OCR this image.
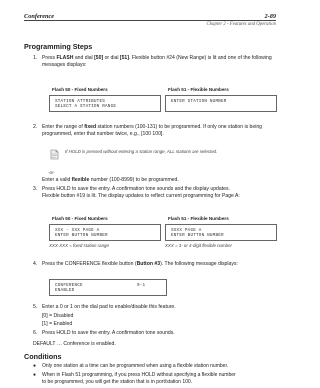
Conference	2-89
Chapter 2 - Features and Operation
Programming Steps
1. Press FLASH and dial [50] or dial [51]. Flexible button #24 (New Range) is lit and one of the following messages displays:
Flash 50 - Fixed Numbers	Flash 51 - Flexible Numbers
STATION ATTRIBUTES
SELECT A STATION RANGE
ENTER STATION NUMBER
2. Enter the range of fixed station numbers (100-131) to be programmed. If only one station is being programmed, enter that number twice, e.g., [100 100].
If HOLD is pressed without entering a station range, ALL stations are selected.
-or-
Enter a valid flexible number (100-8999) to be programmed.
3. Press HOLD to save the entry. A confirmation tone sounds and the display updates.
Flexible button #19 is lit. The display updates to reflect current programming for Page A:
Flash 50 - Fixed Numbers	Flash 51 - Flexible Numbers
XXX - XXX PAGE A
ENTER BUTTON NUMBER
SXXX PAGE A
ENTER BUTTON NUMBER
XXX-XXX = fixed station range	XXX = 3- or 4-digit flexible number
4. Press the CONFERENCE flexible button (Button #3). The following message displays:
CONFERENCE	0-1
ENABLED
5. Enter a 0 or 1 on the dial pad to enable/disable this feature.
[0] = Disabled
[1] = Enabled
6. Press HOLD to save the entry. A confirmation tone sounds.
DEFAULT … Conference is enabled.
Conditions
● Only one station at a time can be programmed when using a flexible station number.
● When in Flash 51 programming, if you press HOLD without specifying a flexible number
to be programmed, you will get the station that is in port/station 100.
